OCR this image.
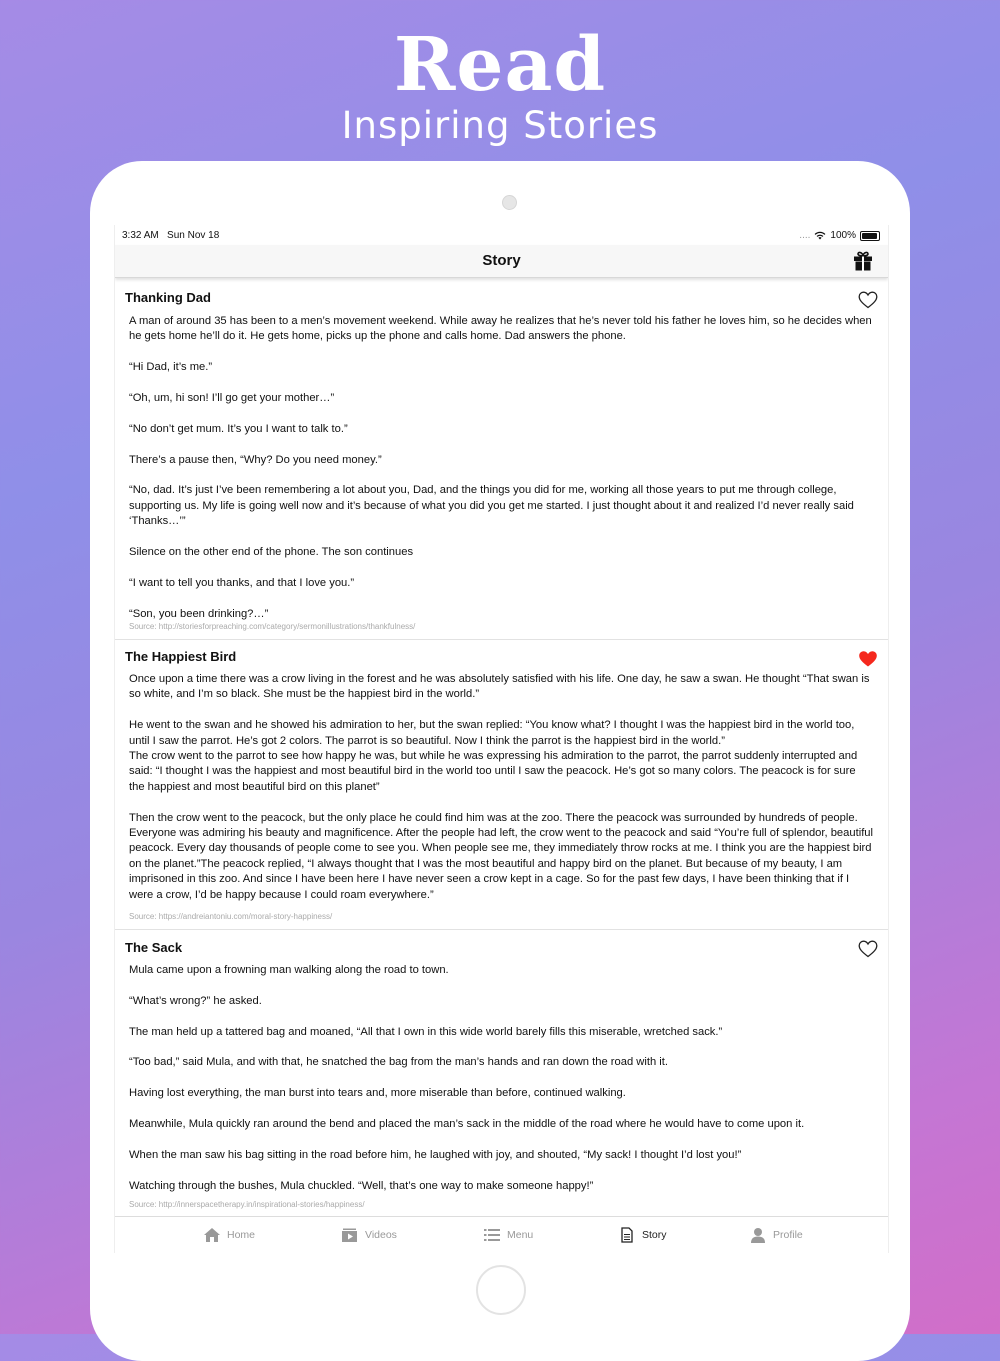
Read
Inspiring Stories
3:32 AM Sun Nov 18	.... 100%
Story
Thanking Dad
A man of around 35 has been to a men’s movement weekend. While away he realizes that he’s never told his father he loves him, so he decides when he gets home he’ll do it. He gets home, picks up the phone and calls home. Dad answers the phone.

“Hi Dad, it’s me.”

“Oh, um, hi son! I’ll go get your mother…”

“No don’t get mum. It’s you I want to talk to.”

There’s a pause then, “Why? Do you need money.”

“No, dad. It’s just I’ve been remembering a lot about you, Dad, and the things you did for me, working all those years to put me through college, supporting us. My life is going well now and it’s because of what you did you get me started. I just thought about it and realized I’d never really said ‘Thanks…’”

Silence on the other end of the phone. The son continues

“I want to tell you thanks, and that I love you.”

“Son, you been drinking?…”
Source: http://storiesforpreaching.com/category/sermonillustrations/thankfulness/
The Happiest Bird
Once upon a time there was a crow living in the forest and he was absolutely satisfied with his life. One day, he saw a swan. He thought “That swan is so white, and I’m so black. She must be the happiest bird in the world.”

He went to the swan and he showed his admiration to her, but the swan replied: “You know what? I thought I was the happiest bird in the world too, until I saw the parrot. He’s got 2 colors. The parrot is so beautiful. Now I think the parrot is the happiest bird in the world.”
The crow went to the parrot to see how happy he was, but while he was expressing his admiration to the parrot, the parrot suddenly interrupted and said: “I thought I was the happiest and most beautiful bird in the world too until I saw the peacock. He’s got so many colors. The peacock is for sure the happiest and most beautiful bird on this planet”

Then the crow went to the peacock, but the only place he could find him was at the zoo. There the peacock was surrounded by hundreds of people. Everyone was admiring his beauty and magnificence. After the people had left, the crow went to the peacock and said “You’re full of splendor, beautiful peacock. Every day thousands of people come to see you. When people see me, they immediately throw rocks at me. I think you are the happiest bird on the planet.”The peacock replied, “I always thought that I was the most beautiful and happy bird on the planet. But because of my beauty, I am imprisoned in this zoo. And since I have been here I have never seen a crow kept in a cage. So for the past few days, I have been thinking that if I were a crow, I’d be happy because I could roam everywhere.”
Source: https://andreiantoniu.com/moral-story-happiness/
The Sack
Mula came upon a frowning man walking along the road to town.

“What’s wrong?” he asked.

The man held up a tattered bag and moaned, “All that I own in this wide world barely fills this miserable, wretched sack.”

“Too bad,” said Mula, and with that, he snatched the bag from the man’s hands and ran down the road with it.

Having lost everything, the man burst into tears and, more miserable than before, continued walking.

Meanwhile, Mula quickly ran around the bend and placed the man’s sack in the middle of the road where he would have to come upon it.

When the man saw his bag sitting in the road before him, he laughed with joy, and shouted, “My sack! I thought I’d lost you!”

Watching through the bushes, Mula chuckled. “Well, that’s one way to make someone happy!”
Source: http://innerspacetherapy.in/inspirational-stories/happiness/
Home	Videos	Menu	Story	Profile
